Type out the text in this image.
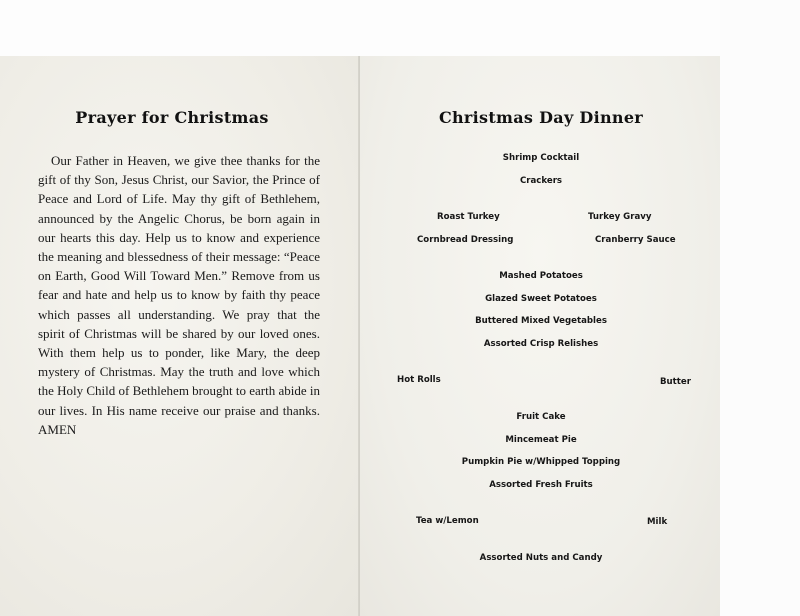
Prayer for Christmas

Our Father in Heaven, we give thee thanks for the gift of thy Son, Jesus Christ, our Savior, the Prince of Peace and Lord of Life. May thy gift of Bethlehem, announced by the Angelic Chorus, be born again in our hearts this day. Help us to know and experience the meaning and blessedness of their message: “Peace on Earth, Good Will Toward Men.” Remove from us fear and hate and help us to know by faith thy peace which passes all understanding. We pray that the spirit of Christmas will be shared by our loved ones. With them help us to ponder, like Mary, the deep mystery of Christmas. May the truth and love which the Holy Child of Bethlehem brought to earth abide in our lives. In His name receive our praise and thanks. AMEN

Christmas Day Dinner
Shrimp Cocktail
Crackers
Roast Turkey	Turkey Gravy
Cornbread Dressing	Cranberry Sauce
Mashed Potatoes
Glazed Sweet Potatoes
Buttered Mixed Vegetables
Assorted Crisp Relishes
Hot Rolls	Butter
Fruit Cake
Mincemeat Pie
Pumpkin Pie w/Whipped Topping
Assorted Fresh Fruits
Tea w/Lemon	Milk
Assorted Nuts and Candy
